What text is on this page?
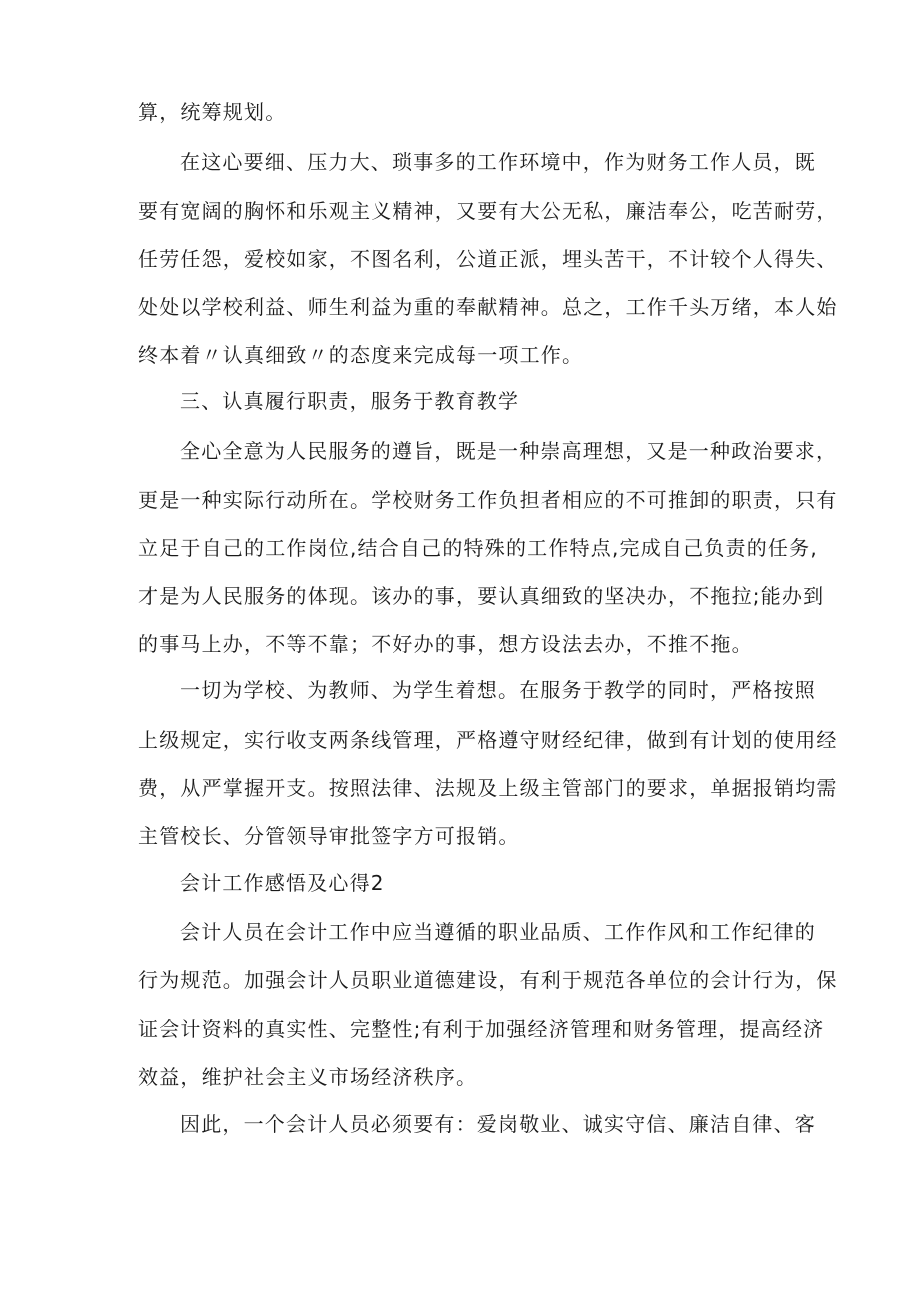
算，统筹规划。
在这心要细、压力大、琐事多的工作环境中，作为财务工作人员，既
要有宽阔的胸怀和乐观主义精神，又要有大公无私，廉洁奉公，吃苦耐劳，
任劳任怨，爱校如家，不图名利，公道正派，埋头苦干，不计较个人得失、
处处以学校利益、师生利益为重的奉献精神。总之，工作千头万绪，本人始
终本着〃认真细致〃的态度来完成每一项工作。
三、认真履行职责，服务于教育教学
全心全意为人民服务的遵旨，既是一种崇高理想，又是一种政治要求，
更是一种实际行动所在。学校财务工作负担者相应的不可推卸的职责，只有
立足于自己的工作岗位,结合自己的特殊的工作特点,完成自己负责的任务,
才是为人民服务的体现。该办的事，要认真细致的坚决办，不拖拉;能办到
的事马上办，不等不靠；不好办的事，想方设法去办，不推不拖。
一切为学校、为教师、为学生着想。在服务于教学的同时，严格按照
上级规定，实行收支两条线管理，严格遵守财经纪律，做到有计划的使用经
费，从严掌握开支。按照法律、法规及上级主管部门的要求，单据报销均需
主管校长、分管领导审批签字方可报销。
会计工作感悟及心得2
会计人员在会计工作中应当遵循的职业品质、工作作风和工作纪律的
行为规范。加强会计人员职业道德建设，有利于规范各单位的会计行为，保
证会计资料的真实性、完整性;有利于加强经济管理和财务管理，提高经济
效益，维护社会主义市场经济秩序。
因此，一个会计人员必须要有：爱岗敬业、诚实守信、廉洁自律、客
